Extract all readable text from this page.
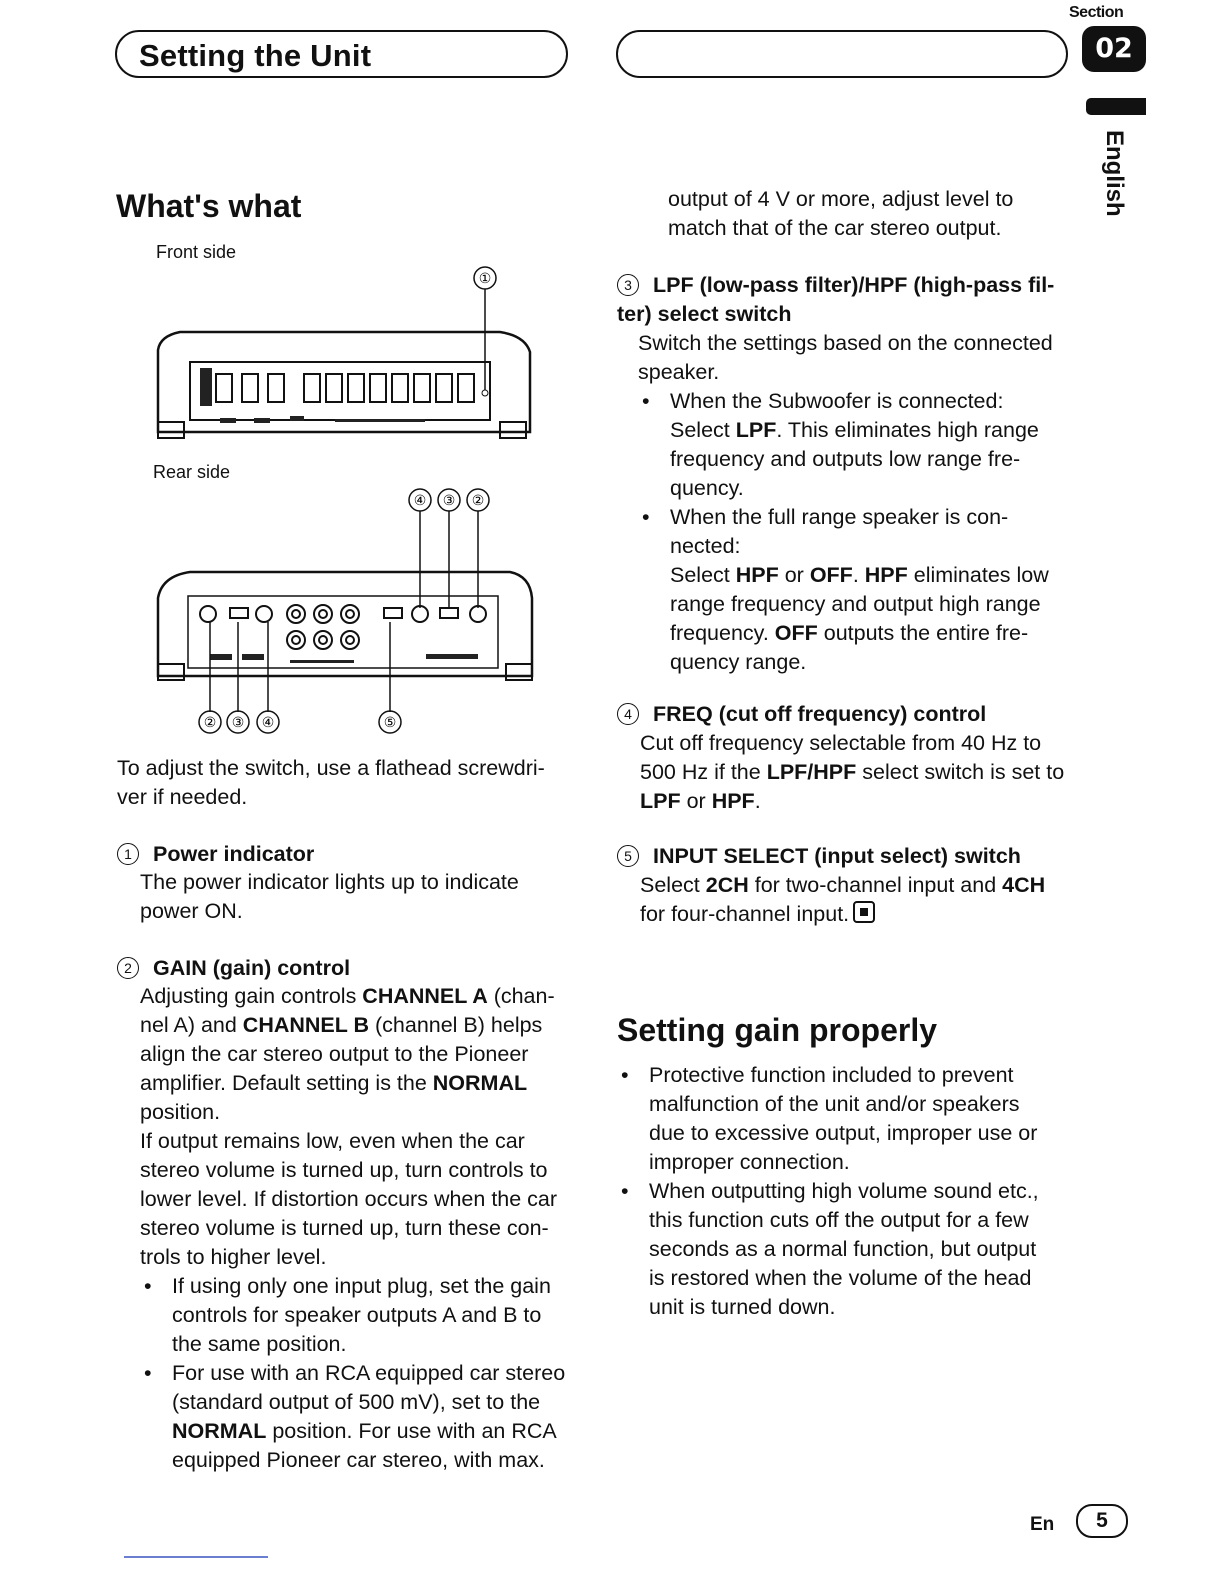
Setting the Unit
Section
02
English
What's what
Front side
①
Rear side
④ ③ ②
② ③ ④	⑤
To adjust the switch, use a flathead screwdri-
ver if needed.
1 Power indicator
The power indicator lights up to indicate
power ON.
2 GAIN (gain) control
Adjusting gain controls CHANNEL A (chan-
nel A) and CHANNEL B (channel B) helps
align the car stereo output to the Pioneer
amplifier. Default setting is the NORMAL
position.
If output remains low, even when the car
stereo volume is turned up, turn controls to
lower level. If distortion occurs when the car
stereo volume is turned up, turn these con-
trols to higher level.
• If using only one input plug, set the gain
controls for speaker outputs A and B to
the same position.
• For use with an RCA equipped car stereo
(standard output of 500 mV), set to the
NORMAL position. For use with an RCA
equipped Pioneer car stereo, with max.
output of 4 V or more, adjust level to
match that of the car stereo output.
3 LPF (low-pass filter)/HPF (high-pass fil-
ter) select switch
Switch the settings based on the connected
speaker.
• When the Subwoofer is connected:
Select LPF. This eliminates high range
frequency and outputs low range fre-
quency.
• When the full range speaker is con-
nected:
Select HPF or OFF. HPF eliminates low
range frequency and output high range
frequency. OFF outputs the entire fre-
quency range.
4 FREQ (cut off frequency) control
Cut off frequency selectable from 40 Hz to
500 Hz if the LPF/HPF select switch is set to
LPF or HPF.
5 INPUT SELECT (input select) switch
Select 2CH for two-channel input and 4CH
for four-channel input.
Setting gain properly
• Protective function included to prevent
malfunction of the unit and/or speakers
due to excessive output, improper use or
improper connection.
• When outputting high volume sound etc.,
this function cuts off the output for a few
seconds as a normal function, but output
is restored when the volume of the head
unit is turned down.
En	5
